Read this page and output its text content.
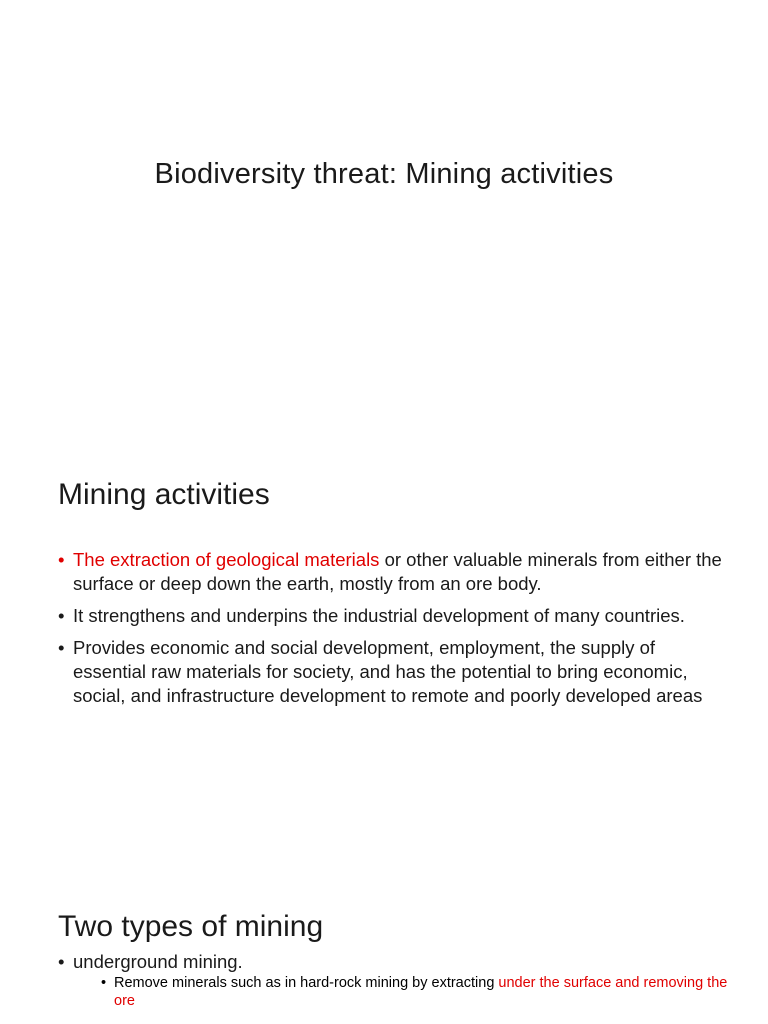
Biodiversity threat: Mining activities
Mining activities
• The extraction of geological materials or other valuable minerals from either the surface or deep down the earth, mostly from an ore body.
• It strengthens and underpins the industrial development of many countries.
• Provides economic and social development, employment, the supply of essential raw materials for society, and has the potential to bring economic, social, and infrastructure development to remote and poorly developed areas
Two types of mining
• underground mining.
• Remove minerals such as in hard-rock mining by extracting under the surface and removing the ore
